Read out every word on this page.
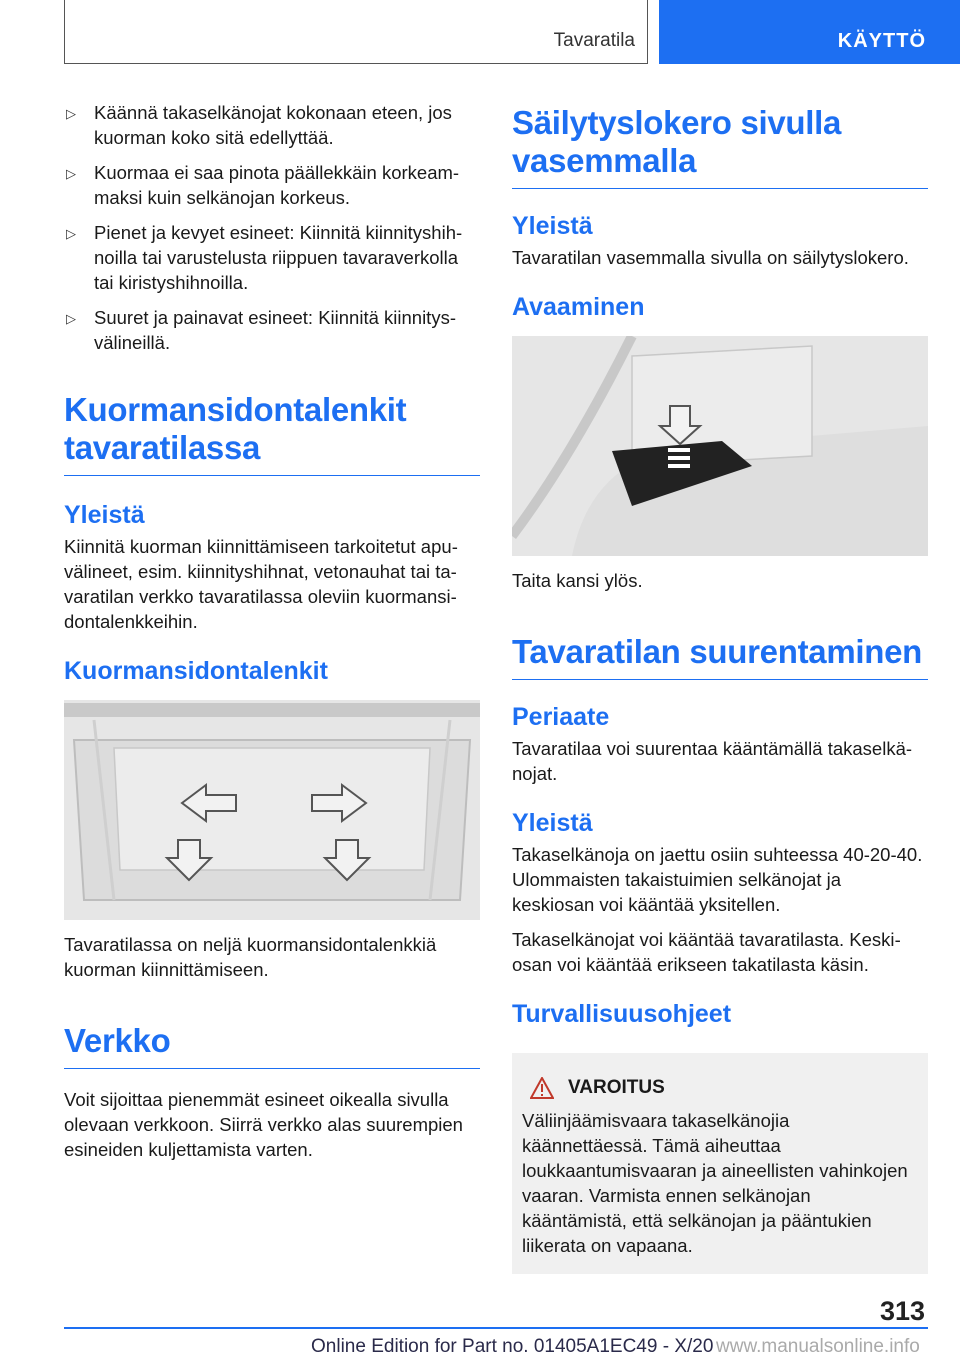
Tavaratila	KÄYTTÖ
▷ Käännä takaselkänojat kokonaan eteen, jos kuorman koko sitä edellyttää.
▷ Kuormaa ei saa pinota päällekkäin korkeammaksi kuin selkänojan korkeus.
▷ Pienet ja kevyet esineet: Kiinnitä kiinnityshihnoilla tai varustelusta riippuen tavaraverkolla tai kiristyshihnoilla.
▷ Suuret ja painavat esineet: Kiinnitä kiinnitysvälineillä.
Kuormansidontalenkit tavaratilassa
Yleistä

Kiinnitä kuorman kiinnittämiseen tarkoitetut apuvälineet, esim. kiinnityshihnat, vetonauhat tai tavaratilan verkko tavaratilassa oleviin kuormansidontalenkkeihin.

Kuormansidontalenkit

Tavaratilassa on neljä kuormansidontalenkkiä kuorman kiinnittämiseen.

Verkko

Voit sijoittaa pienemmät esineet oikealla sivulla olevaan verkkoon. Siirrä verkko alas suurempien esineiden kuljettamista varten.

Säilytyslokero sivulla vasemmalla
Yleistä

Tavaratilan vasemmalla sivulla on säilytyslokero.

Avaaminen

Taita kansi ylös.

Tavaratilan suurentaminen
Periaate

Tavaratilaa voi suurentaa kääntämällä takaselkänojat.

Yleistä

Takaselkänoja on jaettu osiin suhteessa 40-20-40. Ulommaisten takaistuimien selkänojat ja keskiosan voi kääntää yksitellen.

Takaselkänojat voi kääntää tavaratilasta. Keskiosan voi kääntää erikseen takatilasta käsin.

Turvallisuusohjeet
VAROITUS
Väliinjäämisvaara takaselkänojia käännettäessä. Tämä aiheuttaa loukkaantumisvaaran ja aineellisten vahinkojen vaaran. Varmista ennen selkänojan kääntämistä, että selkänojan ja pääntukien liikerata on vapaana.
313
Online Edition for Part no. 01405A1EC49 - X/20 www.manualsonline.info
